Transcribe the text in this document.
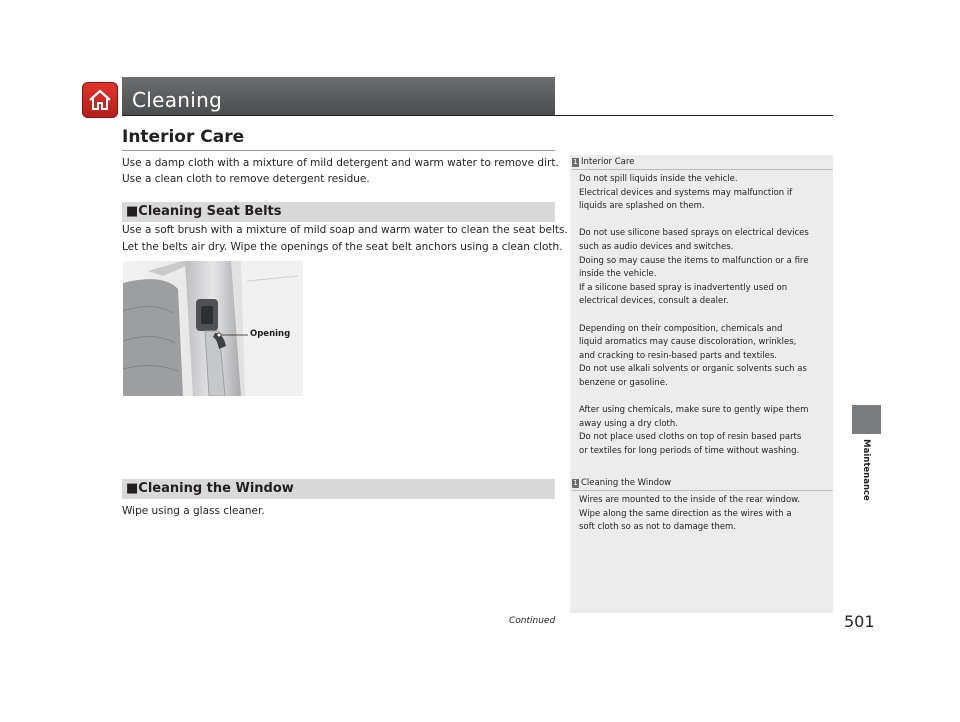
Cleaning
Interior Care
Use a damp cloth with a mixture of mild detergent and warm water to remove dirt.
Use a clean cloth to remove detergent residue.
■Cleaning Seat Belts
Use a soft brush with a mixture of mild soap and warm water to clean the seat belts.
Let the belts air dry. Wipe the openings of the seat belt anchors using a clean cloth.
Opening
■Cleaning the Window
Wipe using a glass cleaner.
1 Interior Care

Do not spill liquids inside the vehicle.

Electrical devices and systems may malfunction if

liquids are splashed on them.

Do not use silicone based sprays on electrical devices

such as audio devices and switches.

Doing so may cause the items to malfunction or a fire

inside the vehicle.

If a silicone based spray is inadvertently used on

electrical devices, consult a dealer.

Depending on their composition, chemicals and

liquid aromatics may cause discoloration, wrinkles,

and cracking to resin-based parts and textiles.

Do not use alkali solvents or organic solvents such as

benzene or gasoline.

After using chemicals, make sure to gently wipe them

away using a dry cloth.

Do not place used cloths on top of resin based parts

or textiles for long periods of time without washing.

1 Cleaning the Window

Wires are mounted to the inside of the rear window.

Wipe along the same direction as the wires with a

soft cloth so as not to damage them.

Continued	501
Maintenance
